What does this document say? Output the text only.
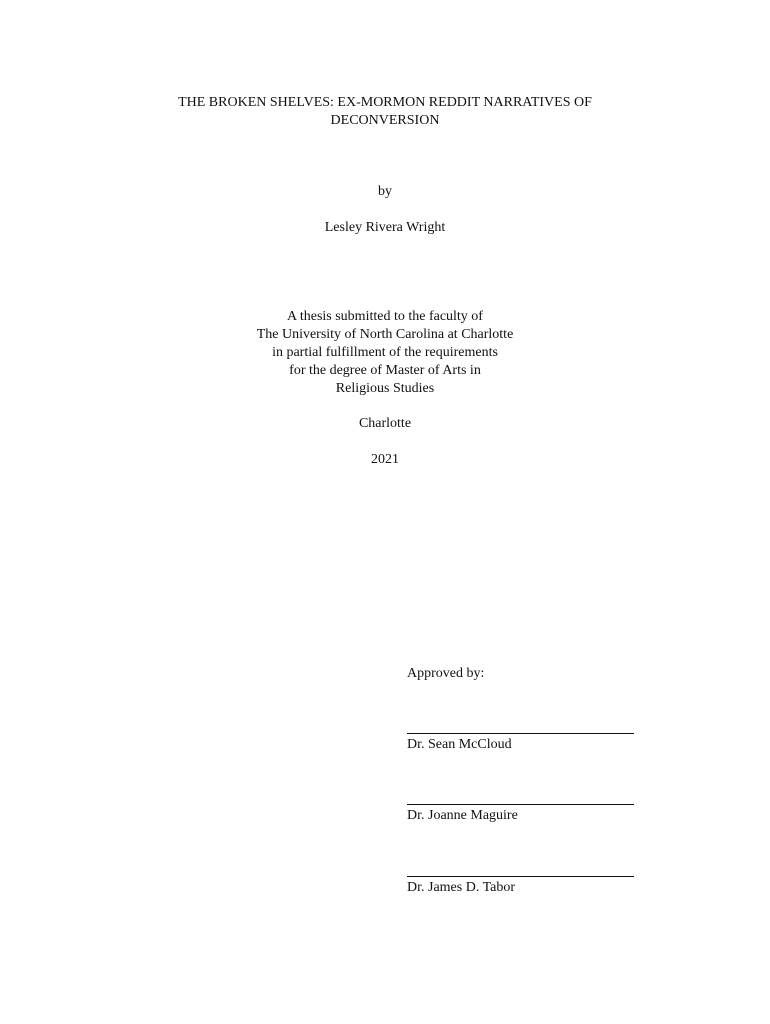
THE BROKEN SHELVES: EX-MORMON REDDIT NARRATIVES OF
DECONVERSION
by
Lesley Rivera Wright
A thesis submitted to the faculty of
The University of North Carolina at Charlotte
in partial fulfillment of the requirements
for the degree of Master of Arts in
Religious Studies
Charlotte
2021
Approved by:
Dr. Sean McCloud
Dr. Joanne Maguire
Dr. James D. Tabor
